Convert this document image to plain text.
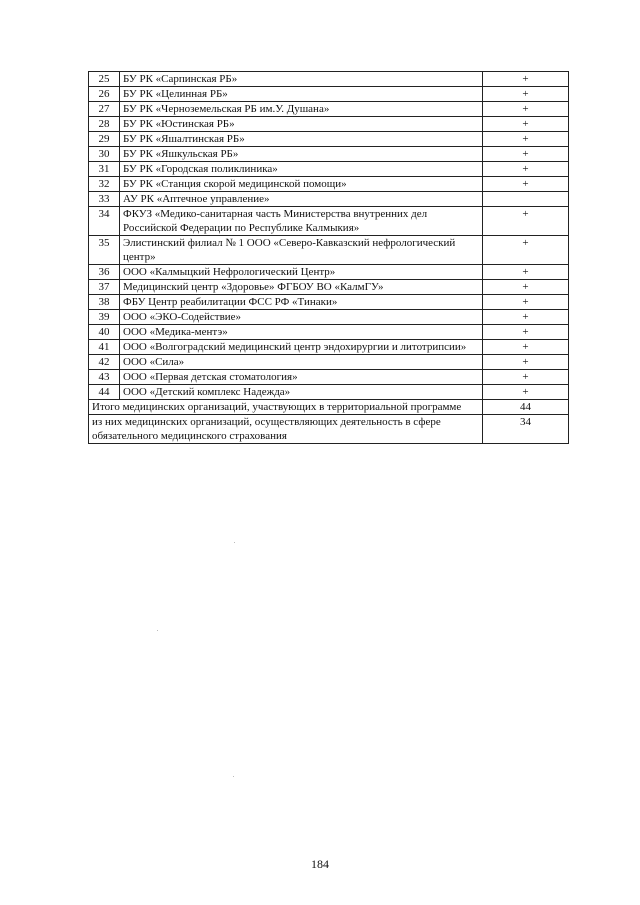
25	БУ РК «Сарпинская РБ»	+
26	БУ РК «Целинная РБ»	+
27	БУ РК «Черноземельская РБ им.У. Душана»	+
28	БУ РК «Юстинская РБ»	+
29	БУ РК «Яшалтинская РБ»	+
30	БУ РК «Яшкульская РБ»	+
31	БУ РК «Городская поликлиника»	+
32	БУ РК «Станция скорой медицинской помощи»	+
33	АУ РК «Аптечное управление»	
34	ФКУЗ «Медико-санитарная часть Министерства внутренних дел Российской Федерации по Республике Калмыкия»	+
35	Элистинский филиал № 1 ООО «Северо-Кавказский нефрологический центр»	+
36	ООО «Калмыцкий Нефрологический Центр»	+
37	Медицинский центр «Здоровье» ФГБОУ ВО «КалмГУ»	+
38	ФБУ Центр реабилитации ФСС РФ «Тинаки»	+
39	ООО «ЭКО-Содействие»	+
40	ООО «Медика-ментэ»	+
41	ООО «Волгоградский медицинский центр эндохирургии и литотрипсии»	+
42	ООО «Сила»	+
43	ООО «Первая детская стоматология»	+
44	ООО «Детский комплекс Надежда»	+
Итого медицинских организаций, участвующих в территориальной программе		44
из них медицинских организаций, осуществляющих деятельность в сфере обязательного медицинского страхования		34
184
